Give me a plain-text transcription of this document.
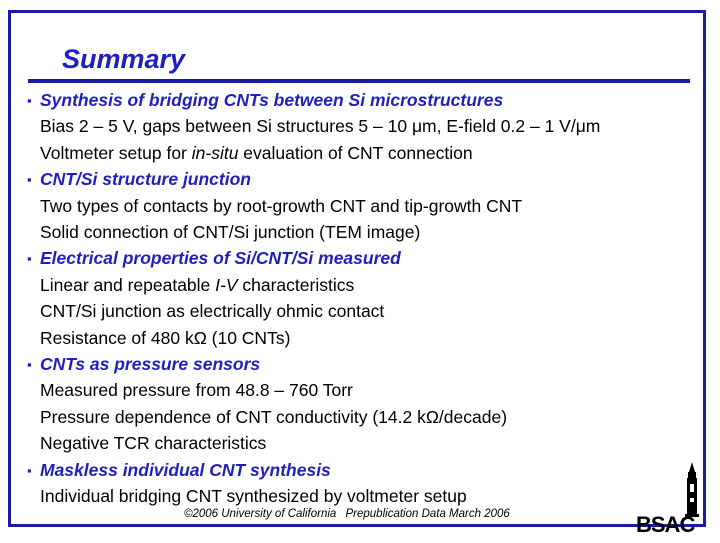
Summary
▪ Synthesis of bridging CNTs between Si microstructures
Bias 2 – 5 V, gaps between Si structures 5 – 10 μm, E-field 0.2 – 1 V/μm
Voltmeter setup for in-situ evaluation of CNT connection
▪ CNT/Si structure junction
Two types of contacts by root-growth CNT and tip-growth CNT
Solid connection of CNT/Si junction (TEM image)
▪ Electrical properties of Si/CNT/Si measured
Linear and repeatable I-V characteristics
CNT/Si junction as electrically ohmic contact
Resistance of 480 kΩ (10 CNTs)
▪ CNTs as pressure sensors
Measured pressure from 48.8 – 760 Torr
Pressure dependence of CNT conductivity (14.2 kΩ/decade)
Negative TCR characteristics
▪ Maskless individual CNT synthesis
Individual bridging CNT synthesized by voltmeter setup
©2006 University of California Prepublication Data March 2006	BSAC
